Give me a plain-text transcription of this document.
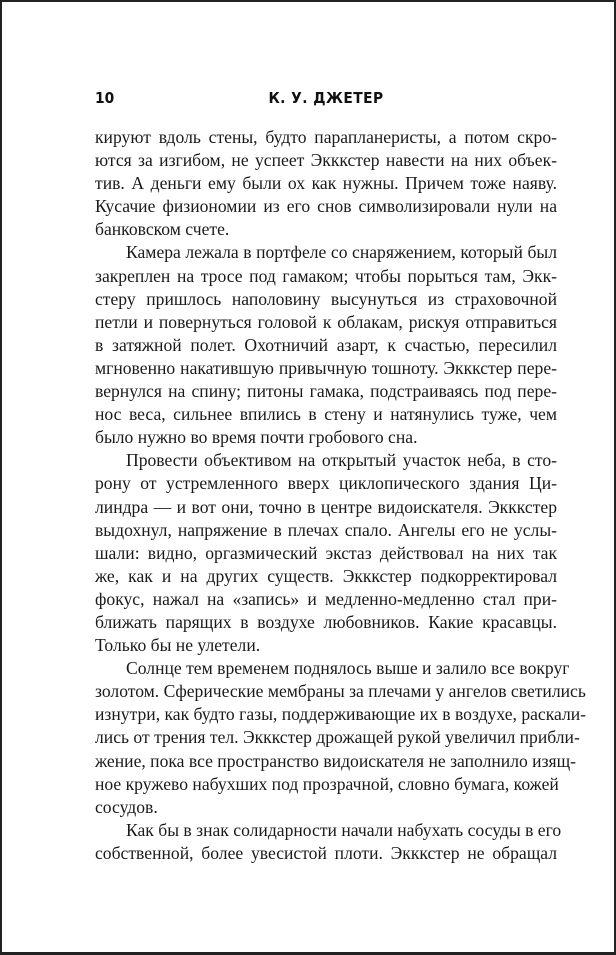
10	К. У. ДЖЕТЕР
кируют вдоль стены, будто парапланеристы, а потом скро-
ются за изгибом, не успеет Экккстер навести на них объек-
тив. А деньги ему были ох как нужны. Причем тоже наяву.
Кусачие физиономии из его снов символизировали нули на
банковском счете.
Камера лежала в портфеле со снаряжением, который был
закреплен на тросе под гамаком; чтобы порыться там, Экк-
стеру пришлось наполовину высунуться из страховочной
петли и повернуться головой к облакам, рискуя отправиться
в затяжной полет. Охотничий азарт, к счастью, пересилил
мгновенно накатившую привычную тошноту. Экккстер пере-
вернулся на спину; питоны гамака, подстраиваясь под пере-
нос веса, сильнее впились в стену и натянулись туже, чем
было нужно во время почти гробового сна.
Провести объективом на открытый участок неба, в сто-
рону от устремленного вверх циклопического здания Ци-
линдра — и вот они, точно в центре видоискателя. Экккстер
выдохнул, напряжение в плечах спало. Ангелы его не услы-
шали: видно, оргазмический экстаз действовал на них так
же, как и на других существ. Экккстер подкорректировал
фокус, нажал на «запись» и медленно-медленно стал при-
ближать парящих в воздухе любовников. Какие красавцы.
Только бы не улетели.
Солнце тем временем поднялось выше и залило все вокруг
золотом. Сферические мембраны за плечами у ангелов светились
изнутри, как будто газы, поддерживающие их в воздухе, раскали-
лись от трения тел. Экккстер дрожащей рукой увеличил прибли-
жение, пока все пространство видоискателя не заполнило изящ-
ное кружево набухших под прозрачной, словно бумага, кожей
сосудов.
Как бы в знак солидарности начали набухать сосуды в его
собственной, более увесистой плоти. Экккстер не обращал
